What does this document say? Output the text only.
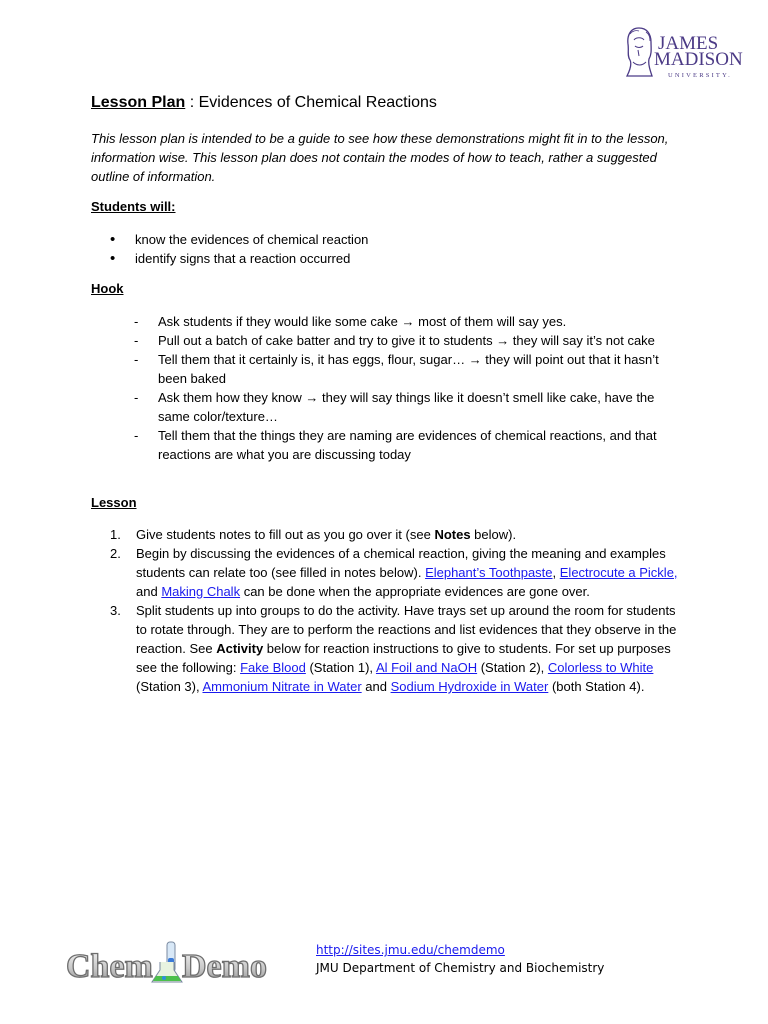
JAMES
MADISON
UNIVERSITY.
Lesson Plan : Evidences of Chemical Reactions
This lesson plan is intended to be a guide to see how these demonstrations might fit in to the lesson, information wise. This lesson plan does not contain the modes of how to teach, rather a suggested outline of information.
Students will:
• know the evidences of chemical reaction
• identify signs that a reaction occurred
Hook
- Ask students if they would like some cake → most of them will say yes.
- Pull out a batch of cake batter and try to give it to students → they will say it’s not cake
- Tell them that it certainly is, it has eggs, flour, sugar… → they will point out that it hasn’t been baked
- Ask them how they know → they will say things like it doesn’t smell like cake, have the same color/texture…
- Tell them that the things they are naming are evidences of chemical reactions, and that reactions are what you are discussing today
Lesson
1. Give students notes to fill out as you go over it (see Notes below).
2. Begin by discussing the evidences of a chemical reaction, giving the meaning and examples students can relate too (see filled in notes below). Elephant’s Toothpaste, Electrocute a Pickle, and Making Chalk can be done when the appropriate evidences are gone over.
3. Split students up into groups to do the activity. Have trays set up around the room for students to rotate through. They are to perform the reactions and list evidences that they observe in the reaction. See Activity below for reaction instructions to give to students. For set up purposes see the following: Fake Blood (Station 1), Al Foil and NaOH (Station 2), Colorless to White (Station 3), Ammonium Nitrate in Water and Sodium Hydroxide in Water (both Station 4).
Chem Demo	http://sites.jmu.edu/chemdemo
JMU Department of Chemistry and Biochemistry
